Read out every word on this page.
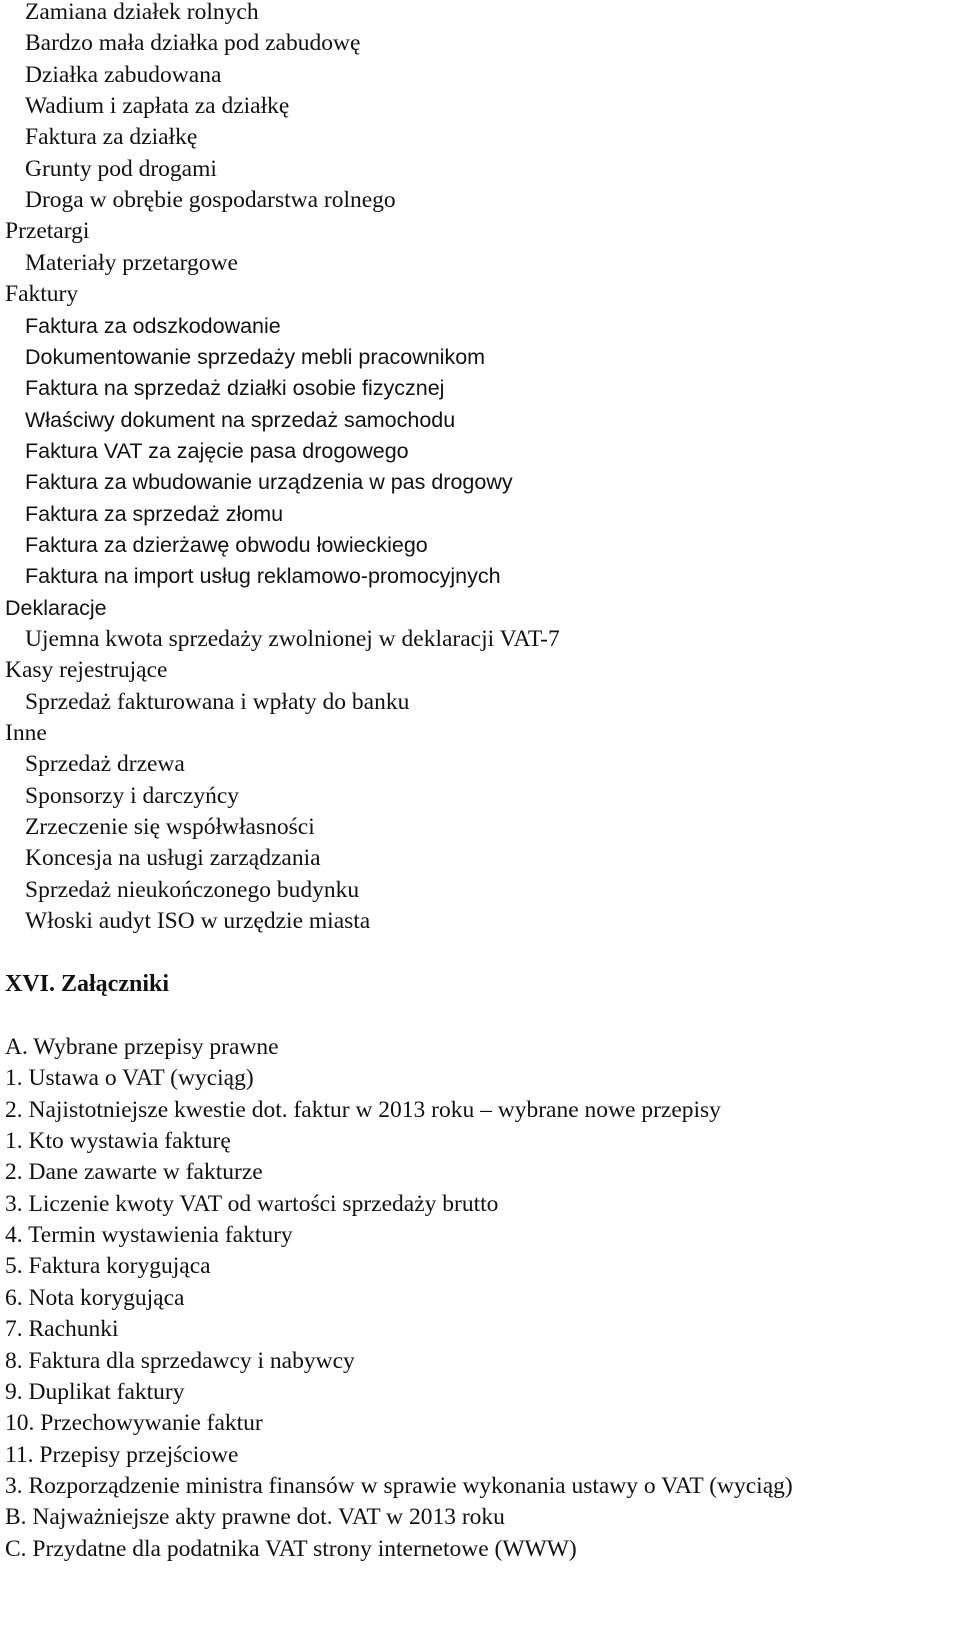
Zamiana działek rolnych
Bardzo mała działka pod zabudowę
Działka zabudowana
Wadium i zapłata za działkę
Faktura za działkę
Grunty pod drogami
Droga w obrębie gospodarstwa rolnego
Przetargi
Materiały przetargowe
Faktury
Faktura za odszkodowanie
Dokumentowanie sprzedaży mebli pracownikom
Faktura na sprzedaż działki osobie fizycznej
Właściwy dokument na sprzedaż samochodu
Faktura VAT za zajęcie pasa drogowego
Faktura za wbudowanie urządzenia w pas drogowy
Faktura za sprzedaż złomu
Faktura za dzierżawę obwodu łowieckiego
Faktura na import usług reklamowo-promocyjnych
Deklaracje
Ujemna kwota sprzedaży zwolnionej w deklaracji VAT-7
Kasy rejestrujące
Sprzedaż fakturowana i wpłaty do banku
Inne
Sprzedaż drzewa
Sponsorzy i darczyńcy
Zrzeczenie się współwłasności
Koncesja na usługi zarządzania
Sprzedaż nieukończonego budynku
Włoski audyt ISO w urzędzie miasta
XVI. Załączniki
A. Wybrane przepisy prawne
1. Ustawa o VAT (wyciąg)
2. Najistotniejsze kwestie dot. faktur w 2013 roku – wybrane nowe przepisy
1. Kto wystawia fakturę
2. Dane zawarte w fakturze
3. Liczenie kwoty VAT od wartości sprzedaży brutto
4. Termin wystawienia faktury
5. Faktura korygująca
6. Nota korygująca
7. Rachunki
8. Faktura dla sprzedawcy i nabywcy
9. Duplikat faktury
10. Przechowywanie faktur
11. Przepisy przejściowe
3. Rozporządzenie ministra finansów w sprawie wykonania ustawy o VAT (wyciąg)
B. Najważniejsze akty prawne dot. VAT w 2013 roku
C. Przydatne dla podatnika VAT strony internetowe (WWW)
